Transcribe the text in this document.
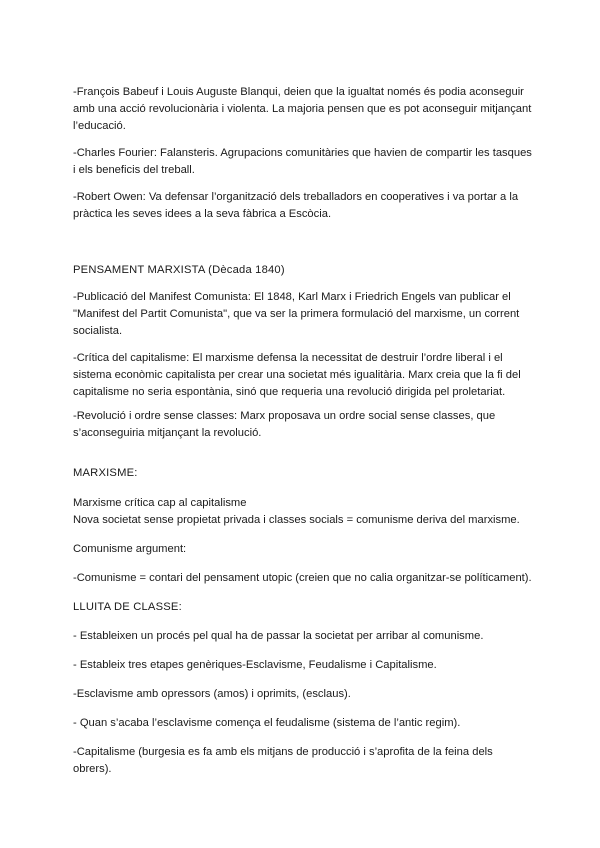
-François Babeuf i Louis Auguste Blanqui, deien que la igualtat només és podia aconseguir amb una acció revolucionària i violenta. La majoria pensen que es pot aconseguir mitjançant l’educació.

-Charles Fourier: Falansteris. Agrupacions comunitàries que havien de compartir les tasques i els beneficis del treball.

-Robert Owen: Va defensar l’organització dels treballadors en cooperatives i va portar a la pràctica les seves idees a la seva fàbrica a Escòcia.

PENSAMENT MARXISTA (Dècada 1840)

-Publicació del Manifest Comunista: El 1848, Karl Marx i Friedrich Engels van publicar el "Manifest del Partit Comunista", que va ser la primera formulació del marxisme, un corrent socialista.

-Crítica del capitalisme: El marxisme defensa la necessitat de destruir l’ordre liberal i el sistema econòmic capitalista per crear una societat més igualitària. Marx creia que la fi del capitalisme no seria espontània, sinó que requeria una revolució dirigida pel proletariat.

-Revolució i ordre sense classes: Marx proposava un ordre social sense classes, que s’aconseguiria mitjançant la revolució.

MARXISME:

Marxisme crítica cap al capitalisme

Nova societat sense propietat privada i classes socials = comunisme deriva del marxisme.

Comunisme argument:

-Comunisme = contari del pensament utopic (creien que no calia organitzar-se políticament).

LLUITA DE CLASSE:

- Estableixen un procés pel qual ha de passar la societat per arribar al comunisme.

- Estableix tres etapes genèriques-Esclavisme, Feudalisme i Capitalisme.

-Esclavisme amb opressors (amos) i oprimits, (esclaus).

- Quan s’acaba l’esclavisme comença el feudalisme (sistema de l’antic regim).

-Capitalisme (burgesia es fa amb els mitjans de producció i s’aprofita de la feina dels obrers).
